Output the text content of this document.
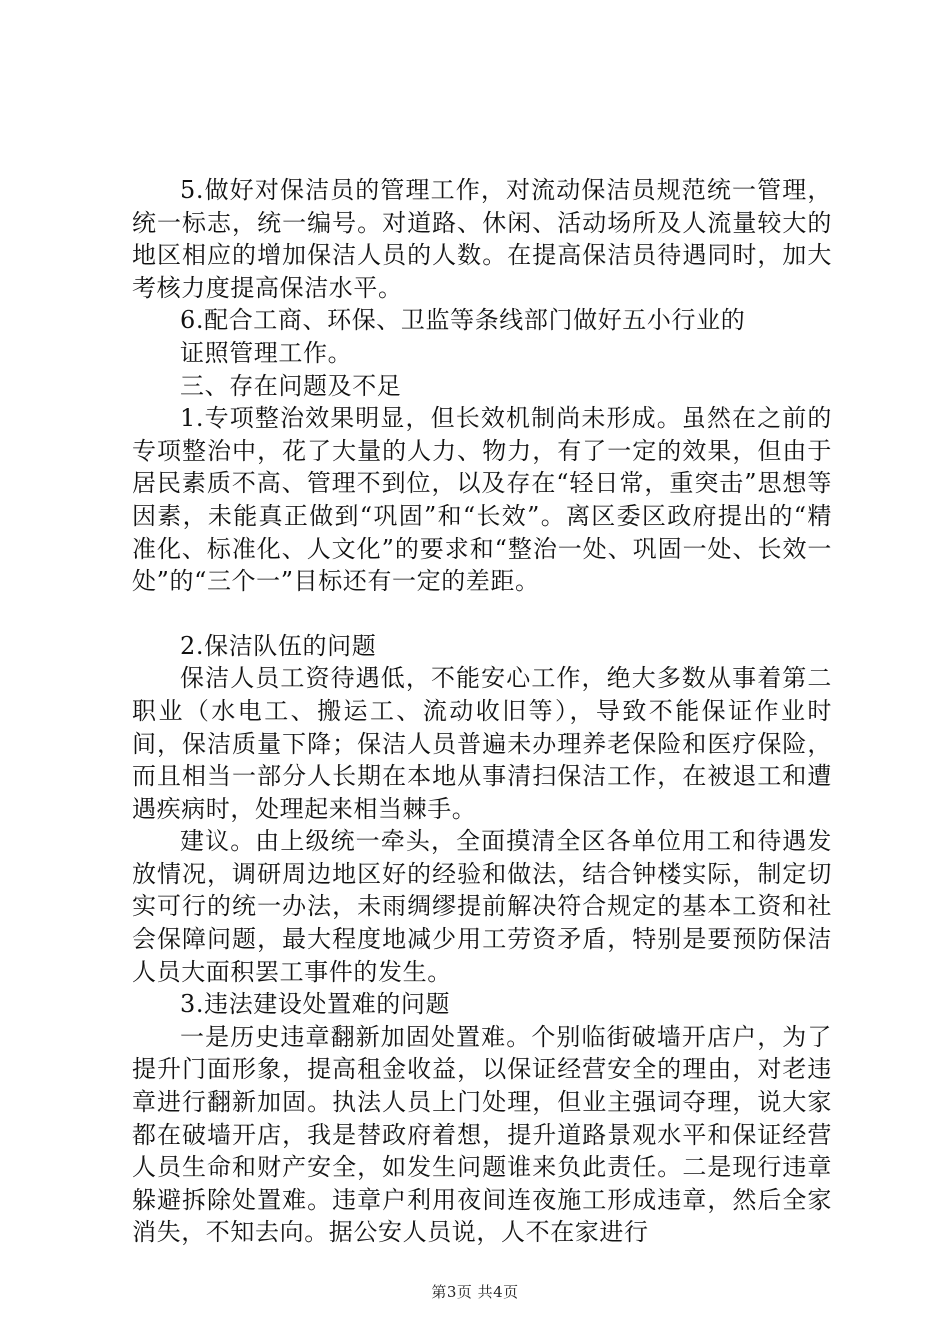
5.做好对保洁员的管理工作，对流动保洁员规范统一管理，统一标志，统一编号。对道路、休闲、活动场所及人流量较大的地区相应的增加保洁人员的人数。在提高保洁员待遇同时，加大考核力度提高保洁水平。

6.配合工商、环保、卫监等条线部门做好五小行业的

证照管理工作。

三、存在问题及不足

1.专项整治效果明显，但长效机制尚未形成。虽然在之前的专项整治中，花了大量的人力、物力，有了一定的效果，但由于居民素质不高、管理不到位，以及存在“轻日常，重突击”思想等因素，未能真正做到“巩固”和“长效”。离区委区政府提出的“精准化、标准化、人文化”的要求和“整治一处、巩固一处、长效一处”的“三个一”目标还有一定的差距。

2.保洁队伍的问题

保洁人员工资待遇低，不能安心工作，绝大多数从事着第二职业（水电工、搬运工、流动收旧等），导致不能保证作业时间，保洁质量下降；保洁人员普遍未办理养老保险和医疗保险，而且相当一部分人长期在本地从事清扫保洁工作，在被退工和遭遇疾病时，处理起来相当棘手。

建议。由上级统一牵头，全面摸清全区各单位用工和待遇发放情况，调研周边地区好的经验和做法，结合钟楼实际，制定切实可行的统一办法，未雨绸缪提前解决符合规定的基本工资和社会保障问题，最大程度地减少用工劳资矛盾，特别是要预防保洁人员大面积罢工事件的发生。

3.违法建设处置难的问题

一是历史违章翻新加固处置难。个别临街破墙开店户，为了提升门面形象，提高租金收益，以保证经营安全的理由，对老违章进行翻新加固。执法人员上门处理，但业主强词夺理，说大家都在破墙开店，我是替政府着想，提升道路景观水平和保证经营人员生命和财产安全，如发生问题谁来负此责任。二是现行违章躲避拆除处置难。违章户利用夜间连夜施工形成违章，然后全家消失，不知去向。据公安人员说，人不在家进行

第3页 共4页
